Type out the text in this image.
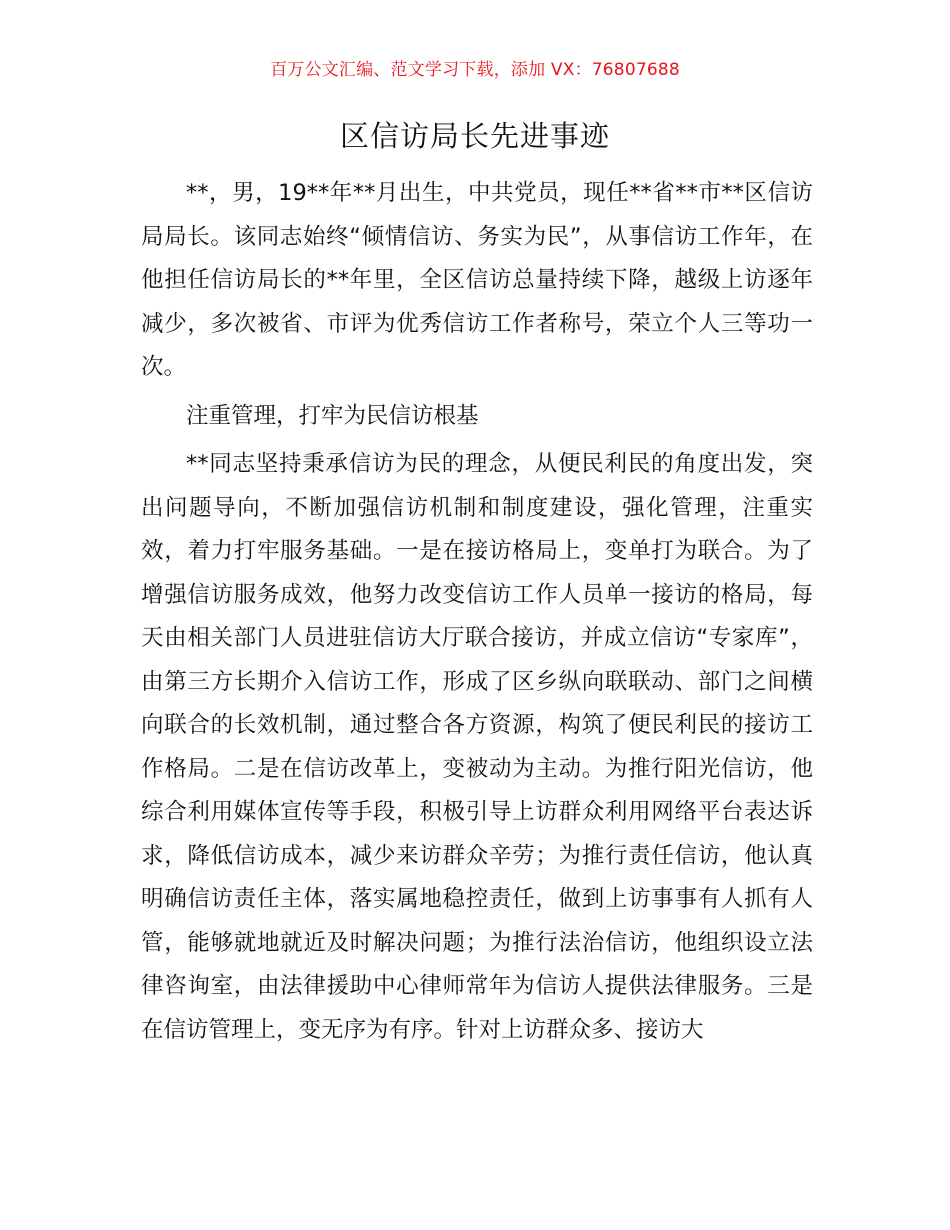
百万公文汇编、范文学习下载，添加 VX：76807688
区信访局长先进事迹

**，男，19**年**月出生，中共党员，现任**省**市**区信访局局长。该同志始终“倾情信访、务实为民”，从事信访工作年，在他担任信访局长的**年里，全区信访总量持续下降，越级上访逐年减少，多次被省、市评为优秀信访工作者称号，荣立个人三等功一次。

注重管理，打牢为民信访根基

**同志坚持秉承信访为民的理念，从便民利民的角度出发，突出问题导向，不断加强信访机制和制度建设，强化管理，注重实效，着力打牢服务基础。一是在接访格局上，变单打为联合。为了增强信访服务成效，他努力改变信访工作人员单一接访的格局，每天由相关部门人员进驻信访大厅联合接访，并成立信访“专家库”，由第三方长期介入信访工作，形成了区乡纵向联联动、部门之间横向联合的长效机制，通过整合各方资源，构筑了便民利民的接访工作格局。二是在信访改革上，变被动为主动。为推行阳光信访，他综合利用媒体宣传等手段，积极引导上访群众利用网络平台表达诉求，降低信访成本，减少来访群众辛劳；为推行责任信访，他认真明确信访责任主体，落实属地稳控责任，做到上访事事有人抓有人管，能够就地就近及时解决问题；为推行法治信访，他组织设立法律咨询室，由法律援助中心律师常年为信访人提供法律服务。三是在信访管理上，变无序为有序。针对上访群众多、接访大
